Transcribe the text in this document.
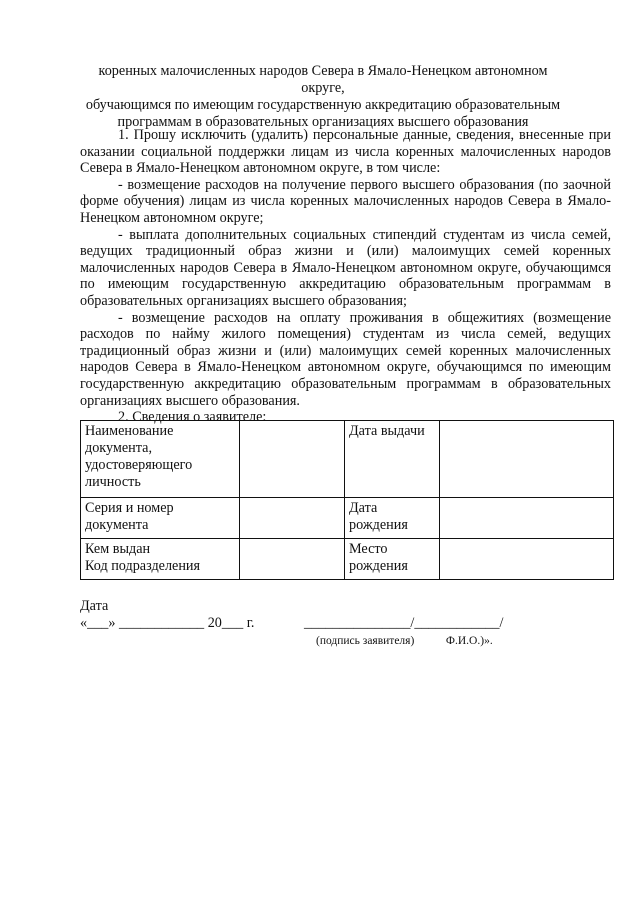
коренных малочисленных народов Севера в Ямало-Ненецком автономном округе,
обучающимся по имеющим государственную аккредитацию образовательным
программам в образовательных организациях высшего образования

1. Прошу исключить (удалить) персональные данные, сведения, внесенные при оказании социальной поддержки лицам из числа коренных малочисленных народов Севера в Ямало-Ненецком автономном округе, в том числе:

- возмещение расходов на получение первого высшего образования (по заочной форме обучения) лицам из числа коренных малочисленных народов Севера в Ямало-Ненецком автономном округе;

- выплата дополнительных социальных стипендий студентам из числа семей, ведущих традиционный образ жизни и (или) малоимущих семей коренных малочисленных народов Севера в Ямало-Ненецком автономном округе, обучающимся по имеющим государственную аккредитацию образовательным программам в образовательных организациях высшего образования;

- возмещение расходов на оплату проживания в общежитиях (возмещение расходов по найму жилого помещения) студентам из числа семей, ведущих традиционный образ жизни и (или) малоимущих семей коренных малочисленных народов Севера в Ямало-Ненецком автономном округе, обучающимся по имеющим государственную аккредитацию образовательным программам в образовательных организациях высшего образования.

2. Сведения о заявителе:

Наименование документа, удостоверяющего личность		Дата выдачи	
Серия и номер документа		Дата рождения	

Кем выдан
Код подразделения		Место рождения	
Дата
«___» ____________ 20___ г.	_______________/____________/
(подпись заявителя)	Ф.И.О.)».
